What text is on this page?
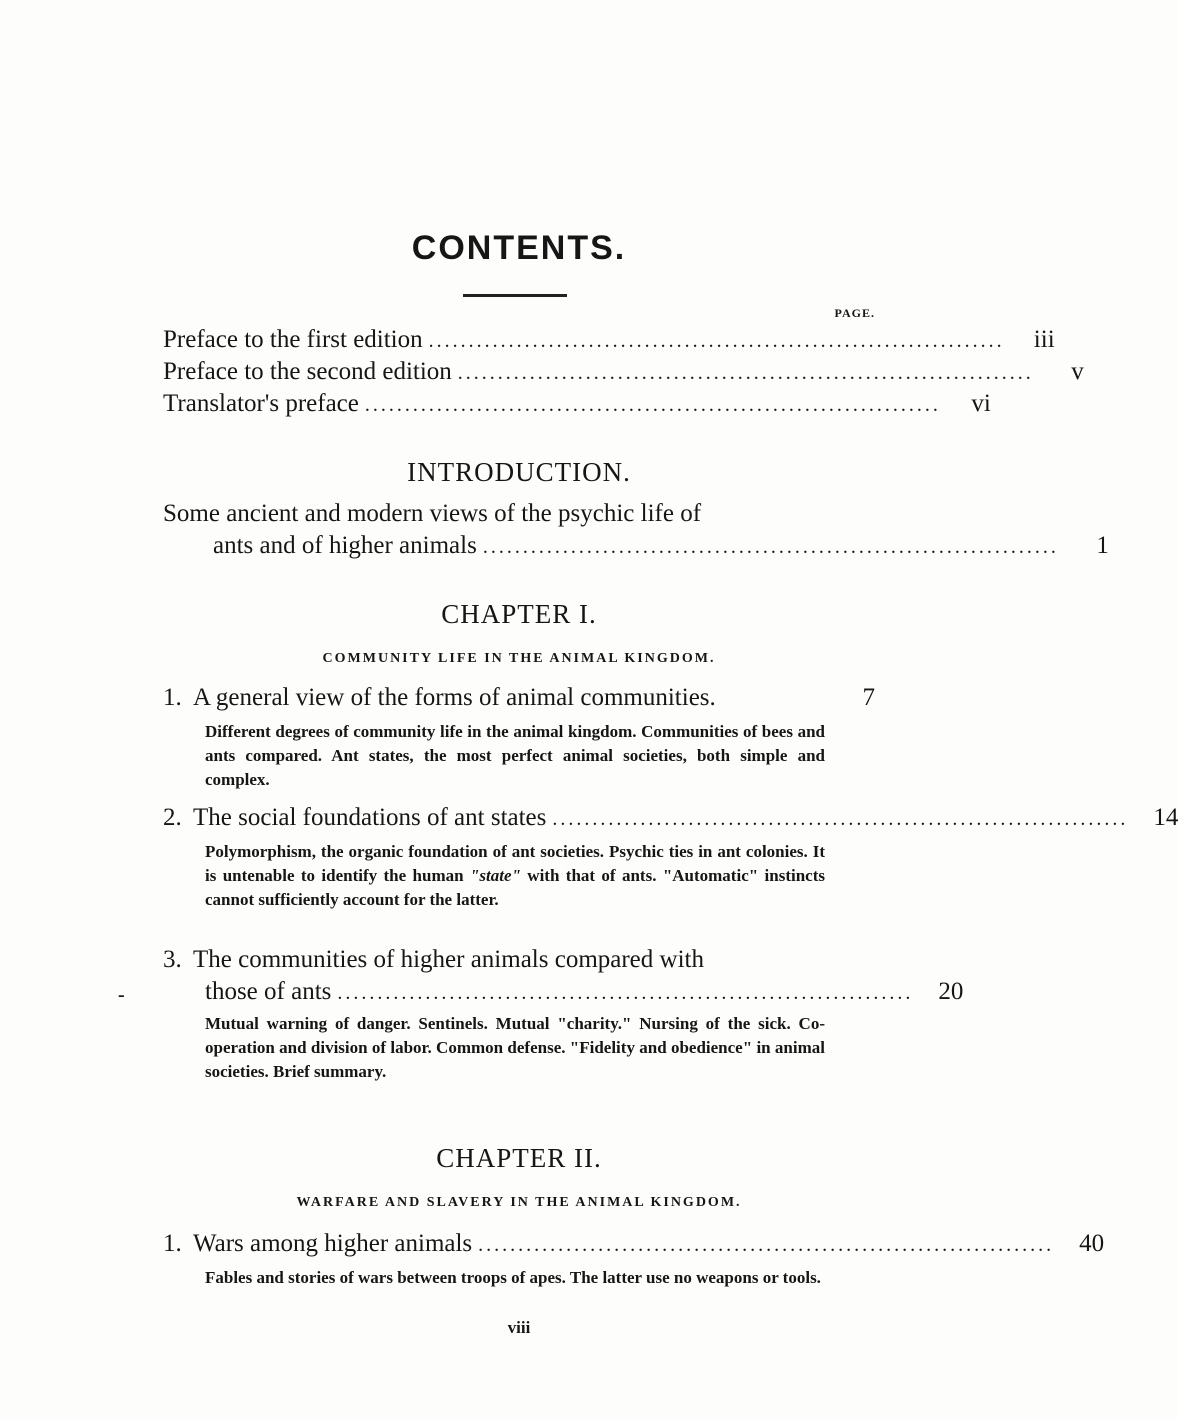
-
CONTENTS.
PAGE.
Preface to the first edition ........................................................................	iii
Preface to the second edition ........................................................................	v
Translator's preface ........................................................................	vi
INTRODUCTION.
Some ancient and modern views of the psychic life of
ants and of higher animals ........................................................................	1
CHAPTER I.
COMMUNITY LIFE IN THE ANIMAL KINGDOM.
1. A general view of the forms of animal communities.	7
Different degrees of community life in the animal kingdom. Communities of bees and ants compared. Ant states, the most perfect animal societies, both simple and complex.
2. The social foundations of ant states ........................................................................	14
Polymorphism, the organic foundation of ant societies. Psychic ties in ant colonies. It is untenable to identify the human "state" with that of ants. "Automatic" instincts cannot sufficiently account for the latter.
3. The communities of higher animals compared with
those of ants ........................................................................	20
Mutual warning of danger. Sentinels. Mutual "charity." Nursing of the sick. Co-operation and division of labor. Common defense. "Fidelity and obedience" in animal societies. Brief summary.
CHAPTER II.
WARFARE AND SLAVERY IN THE ANIMAL KINGDOM.
1. Wars among higher animals ........................................................................	40
Fables and stories of wars between troops of apes. The latter use no weapons or tools.
viii
